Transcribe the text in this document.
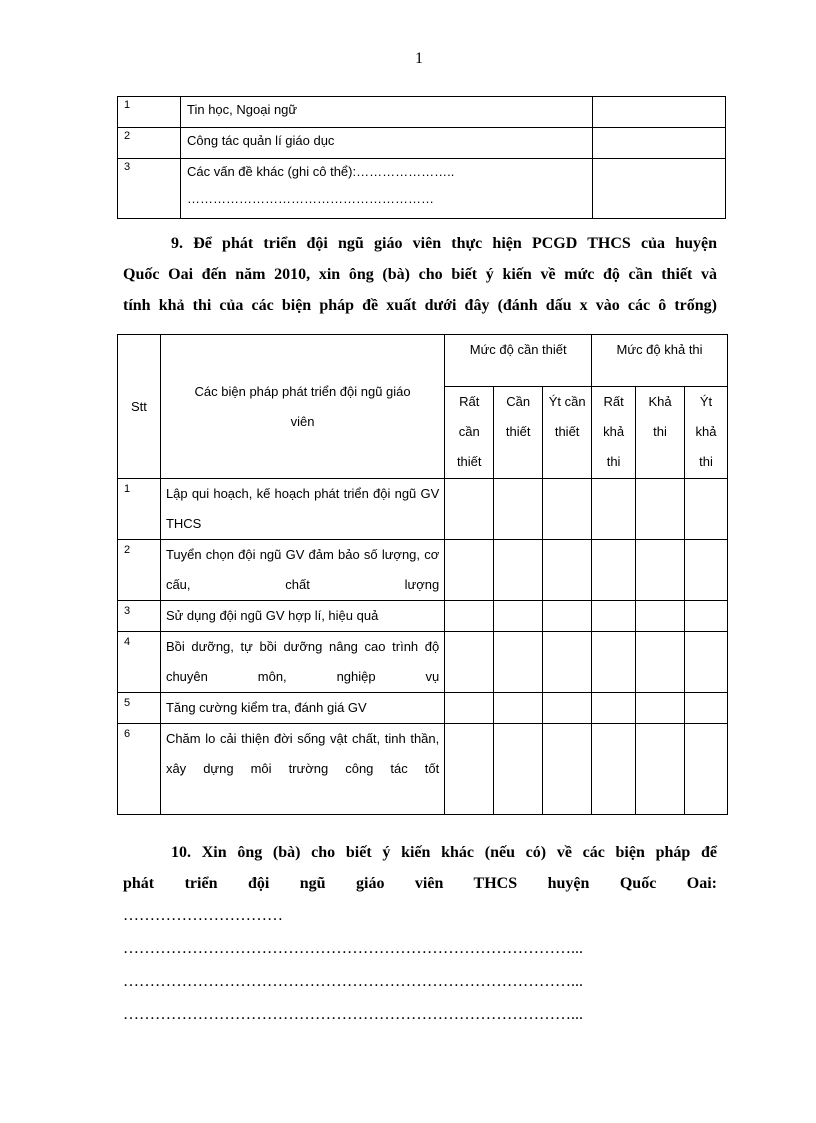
1
1	Tin học, Ngoại ngữ	
2	Công tác quản lí giáo dục	
3	Các vấn đề khác (ghi cô thể):…………………..
…………………………………………………	

9. Để phát triển đội ngũ giáo viên thực hiện PCGD THCS của huyện
Quốc Oai đến năm 2010, xin ông (bà) cho biết ý kiến về mức độ cần thiết và
tính khả thi của các biện pháp đề xuất dưới đây (đánh dấu x vào các ô trống)
Stt	Các biện pháp phát triển đội ngũ giáo viên	Mức độ cần thiết			Mức độ khả thi		
		Rất cần thiết	Cần thiết	Ýt cần thiết	Rất khả thi	Khả thi	Ýt khả thi
1	Lập qui hoạch, kế hoạch phát triển đội ngũ GV THCS						
2	Tuyển chọn đội ngũ GV đảm bảo số lượng, cơ cấu, chất lượng						
3	Sử dụng đội ngũ GV hợp lí, hiệu quả						
4	Bồi dưỡng, tự bồi dưỡng nâng cao trình độ chuyên môn, nghiệp vụ						
5	Tăng cường kiểm tra, đánh giá GV						
6	Chăm lo cải thiện đời sống vật chất, tinh thần, xây dựng môi trường công tác tốt						
10. Xin ông (bà) cho biết ý kiến khác (nếu có) về các biện pháp để
phát triển đội ngũ giáo viên THCS huyện Quốc Oai:
…………………………
…………………………………………………………………………...
…………………………………………………………………………...
…………………………………………………………………………...
